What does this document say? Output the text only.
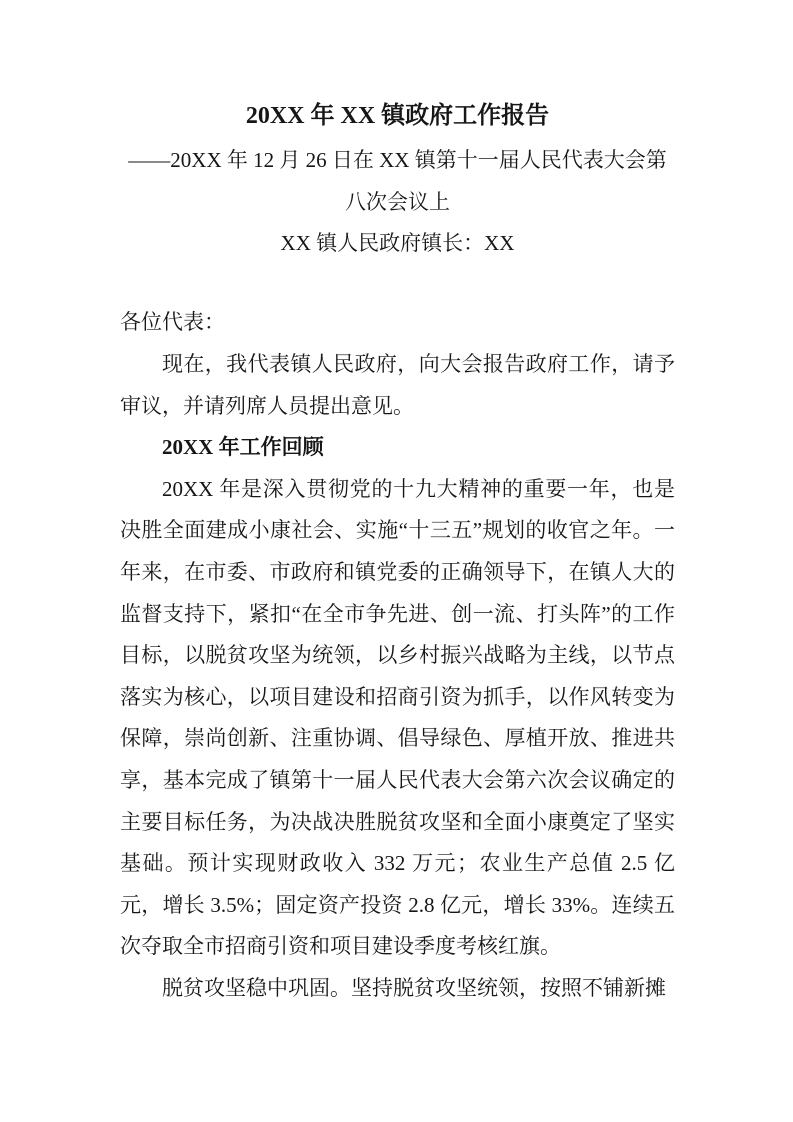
20XX 年 XX 镇政府工作报告

——20XX 年 12 月 26 日在 XX 镇第十一届人民代表大会第八次会议上

XX 镇人民政府镇长：XX

各位代表：

现在，我代表镇人民政府，向大会报告政府工作，请予审议，并请列席人员提出意见。

20XX 年工作回顾

20XX 年是深入贯彻党的十九大精神的重要一年，也是决胜全面建成小康社会、实施“十三五”规划的收官之年。一年来，在市委、市政府和镇党委的正确领导下，在镇人大的监督支持下，紧扣“在全市争先进、创一流、打头阵”的工作目标，以脱贫攻坚为统领，以乡村振兴战略为主线，以节点落实为核心，以项目建设和招商引资为抓手，以作风转变为保障，崇尚创新、注重协调、倡导绿色、厚植开放、推进共享，基本完成了镇第十一届人民代表大会第六次会议确定的主要目标任务，为决战决胜脱贫攻坚和全面小康奠定了坚实基础。预计实现财政收入 332 万元；农业生产总值 2.5 亿元，增长 3.5%；固定资产投资 2.8 亿元，增长 33%。连续五次夺取全市招商引资和项目建设季度考核红旗。

脱贫攻坚稳中巩固。坚持脱贫攻坚统领，按照不铺新摊
